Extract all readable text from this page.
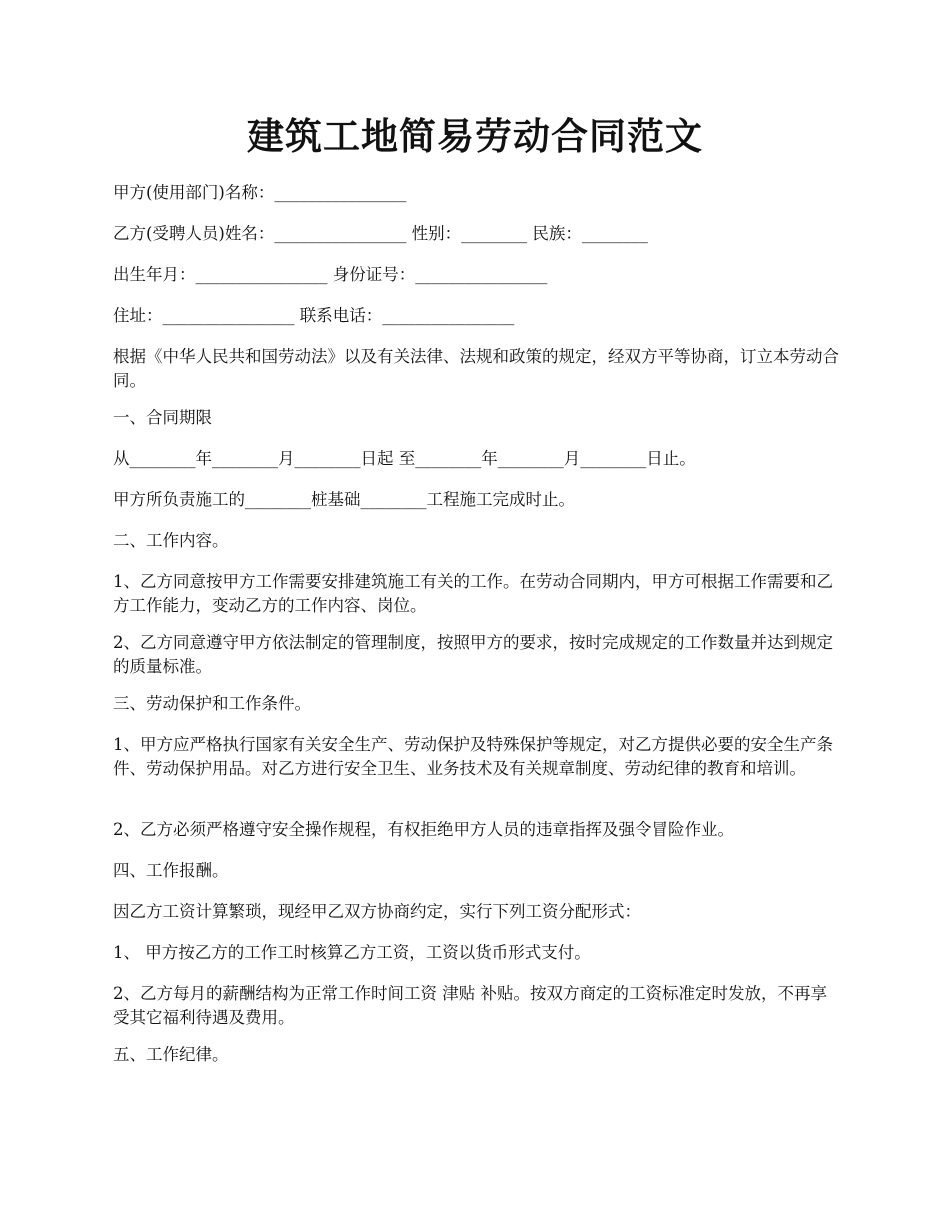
建筑工地简易劳动合同范文
甲方(使用部门)名称：________________
乙方(受聘人员)姓名：________________ 性别：________ 民族：________
出生年月：________________ 身份证号：________________
住址：________________ 联系电话：________________
根据《中华人民共和国劳动法》以及有关法律、法规和政策的规定，经双方平等协商，订立本劳动合同。
一、合同期限
从________年________月________日起 至________年________月________日止。
甲方所负责施工的________桩基础________工程施工完成时止。
二、工作内容。
1、乙方同意按甲方工作需要安排建筑施工有关的工作。在劳动合同期内，甲方可根据工作需要和乙方工作能力，变动乙方的工作内容、岗位。
2、乙方同意遵守甲方依法制定的管理制度，按照甲方的要求，按时完成规定的工作数量并达到规定的质量标准。
三、劳动保护和工作条件。
1、甲方应严格执行国家有关安全生产、劳动保护及特殊保护等规定，对乙方提供必要的安全生产条件、劳动保护用品。对乙方进行安全卫生、业务技术及有关规章制度、劳动纪律的教育和培训。
2、乙方必须严格遵守安全操作规程，有权拒绝甲方人员的违章指挥及强令冒险作业。
四、工作报酬。
因乙方工资计算繁琐，现经甲乙双方协商约定，实行下列工资分配形式：
1、 甲方按乙方的工作工时核算乙方工资，工资以货币形式支付。
2、乙方每月的薪酬结构为正常工作时间工资 津贴 补贴。按双方商定的工资标准定时发放，不再享受其它福利待遇及费用。
五、工作纪律。
